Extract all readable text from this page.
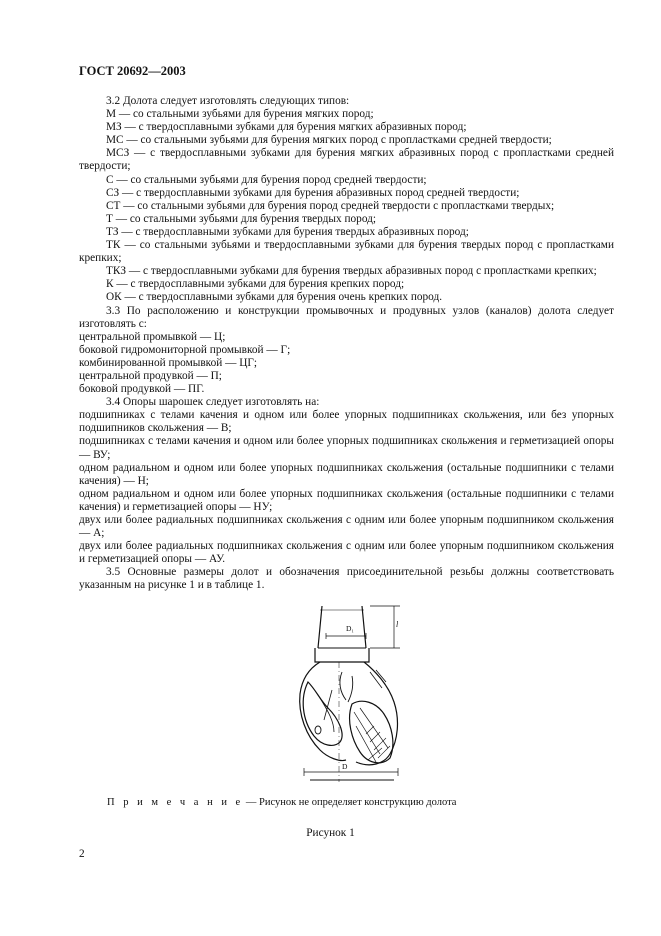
ГОСТ 20692—2003

3.2 Долота следует изготовлять следующих типов:

М — со стальными зубьями для бурения мягких пород;

МЗ — с твердосплавными зубками для бурения мягких абразивных пород;

МС — со стальными зубьями для бурения мягких пород с пропластками средней твердости;

МСЗ — с твердосплавными зубками для бурения мягких абразивных пород с пропластками средней твердости;

С — со стальными зубьями для бурения пород средней твердости;

СЗ — с твердосплавными зубками для бурения абразивных пород средней твердости;

СТ — со стальными зубьями для бурения пород средней твердости с пропластками твердых;

Т — со стальными зубьями для бурения твердых пород;

ТЗ — с твердосплавными зубками для бурения твердых абразивных пород;

ТК — со стальными зубьями и твердосплавными зубками для бурения твердых пород с пропластками крепких;

ТКЗ — с твердосплавными зубками для бурения твердых абразивных пород с пропластками крепких;

К — с твердосплавными зубками для бурения крепких пород;

ОК — с твердосплавными зубками для бурения очень крепких пород.

3.3 По расположению и конструкции промывочных и продувных узлов (каналов) долота следует изготовлять с:

центральной промывкой — Ц;

боковой гидромониторной промывкой — Г;

комбинированной промывкой — ЦГ;

центральной продувкой — П;

боковой продувкой — ПГ.

3.4 Опоры шарошек следует изготовлять на:

подшипниках с телами качения и одном или более упорных подшипниках скольжения, или без упорных подшипников скольжения — В;

подшипниках с телами качения и одном или более упорных подшипниках скольжения и герметизацией опоры — ВУ;

одном радиальном и одном или более упорных подшипниках скольжения (остальные подшипники с телами качения) — Н;

одном радиальном и одном или более упорных подшипниках скольжения (остальные подшипники с телами качения) и герметизацией опоры — НУ;

двух или более радиальных подшипниках скольжения с одним или более упорным подшипником скольжения — А;

двух или более радиальных подшипниках скольжения с одним или более упорным подшипником скольжения и герметизацией опоры — АУ.

3.5 Основные размеры долот и обозначения присоединительной резьбы должны соответствовать указанным на рисунке 1 и в таблице 1.

D₁	l
D
П р и м е ч а н и е — Рисунок не определяет конструкцию долота
Рисунок 1
2
